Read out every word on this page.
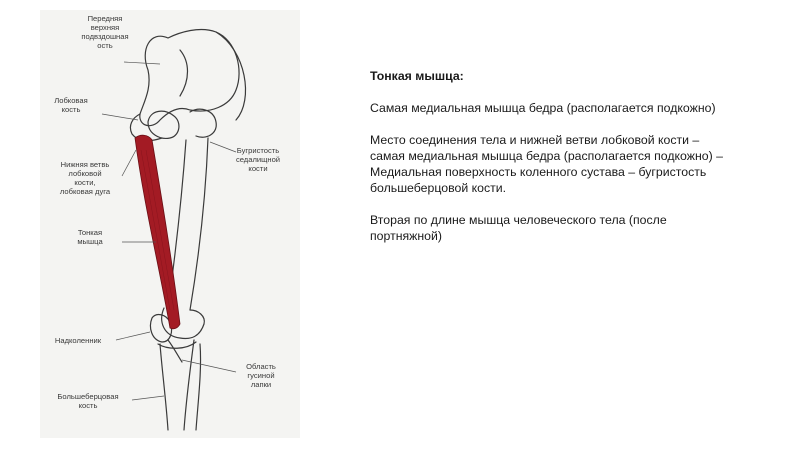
Передняя
верхняя
подвздошная
ость
Лобковая
кость
Бугристость
седалищной
кости
Нижняя ветвь
лобковой
кости,
лобковая дуга
Тонкая
мышца
Надколенник
Область
гусиной
лапки
Большеберцовая
кость

Тонкая мышца:

Самая медиальная мышца бедра (располагается подкожно)

Место соединения тела и нижней ветви лобковой кости – самая медиальная мышца бедра (располагается подкожно) – Медиальная поверхность коленного сустава – бугристость большеберцовой кости.

Вторая по длине мышца человеческого тела (после портняжной)
